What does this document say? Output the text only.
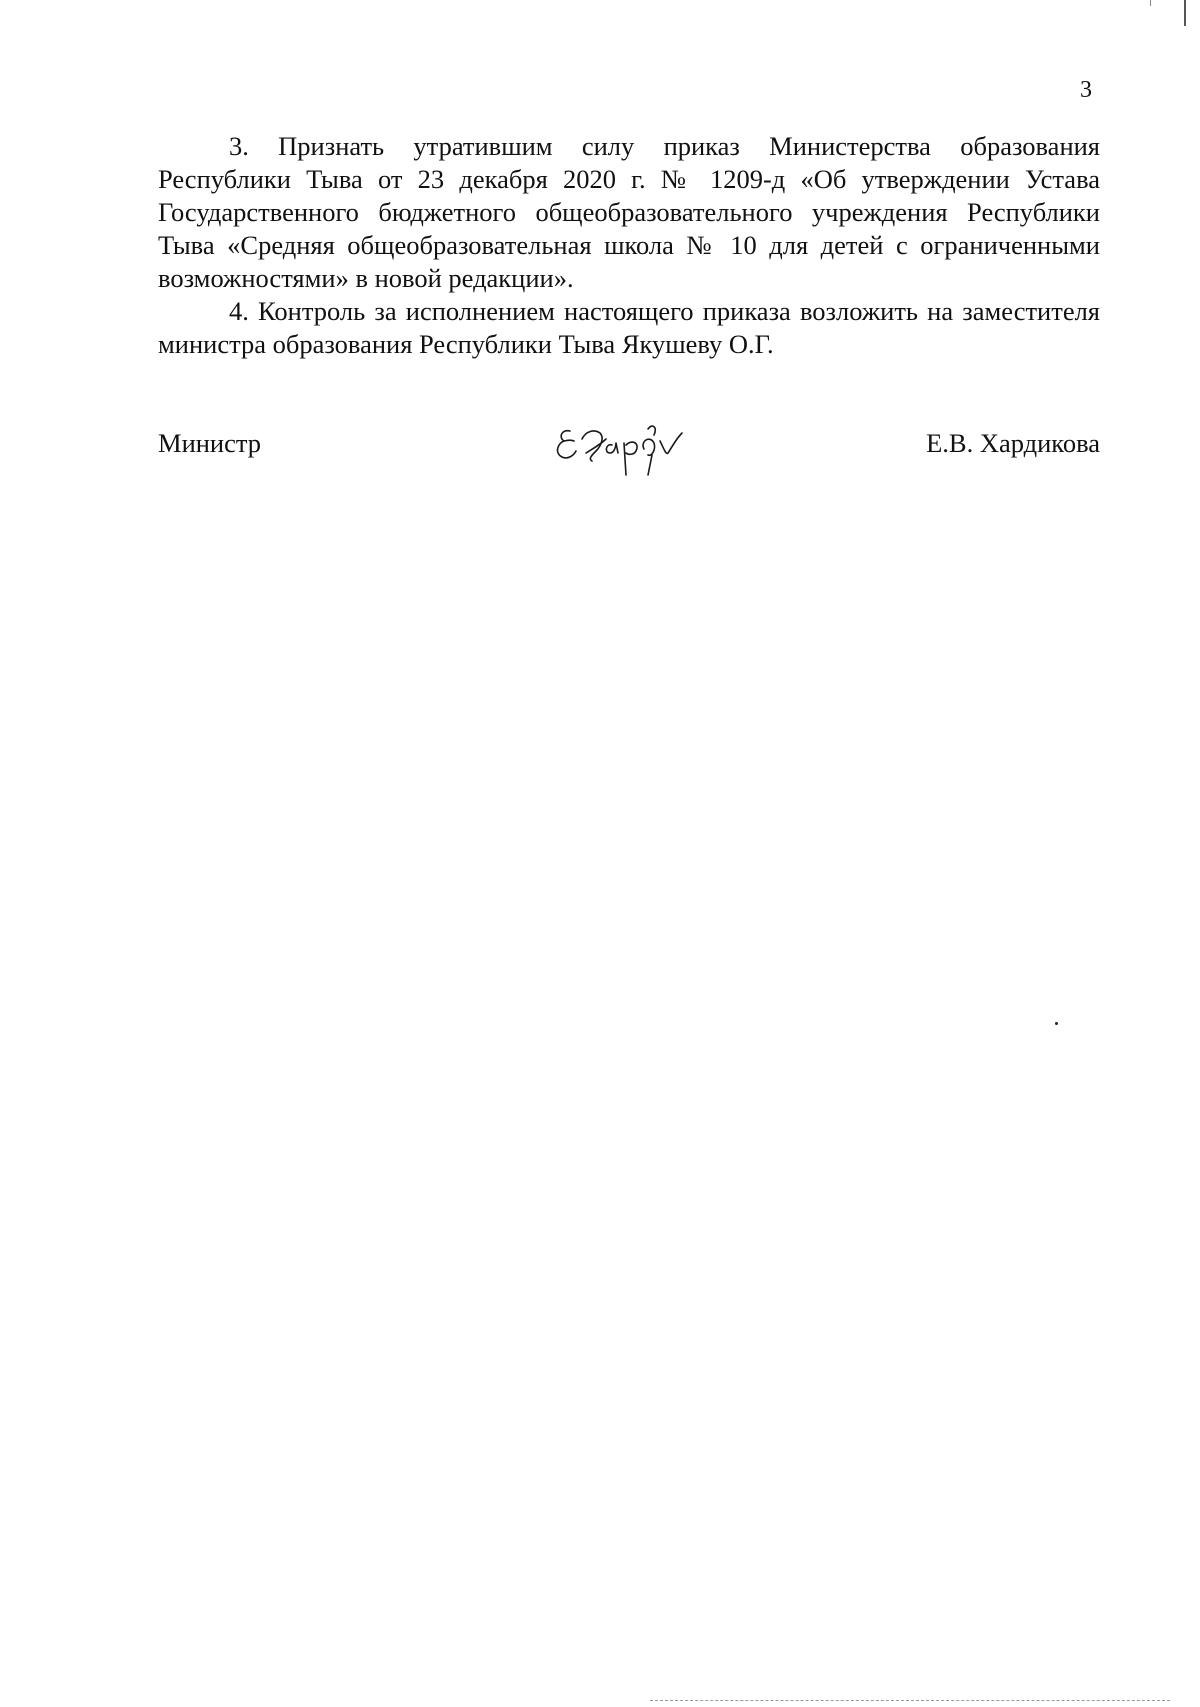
3

3. Признать утратившим силу приказ Министерства образования Республики Тыва от 23 декабря 2020 г. № 1209-д «Об утверждении Устава Государственного бюджетного общеобразовательного учреждения Республики Тыва «Средняя общеобразовательная школа № 10 для детей с ограниченными возможностями» в новой редакции».

4. Контроль за исполнением настоящего приказа возложить на заместителя министра образования Республики Тыва Якушеву О.Г.

Министр	Е.В. Хардикова
